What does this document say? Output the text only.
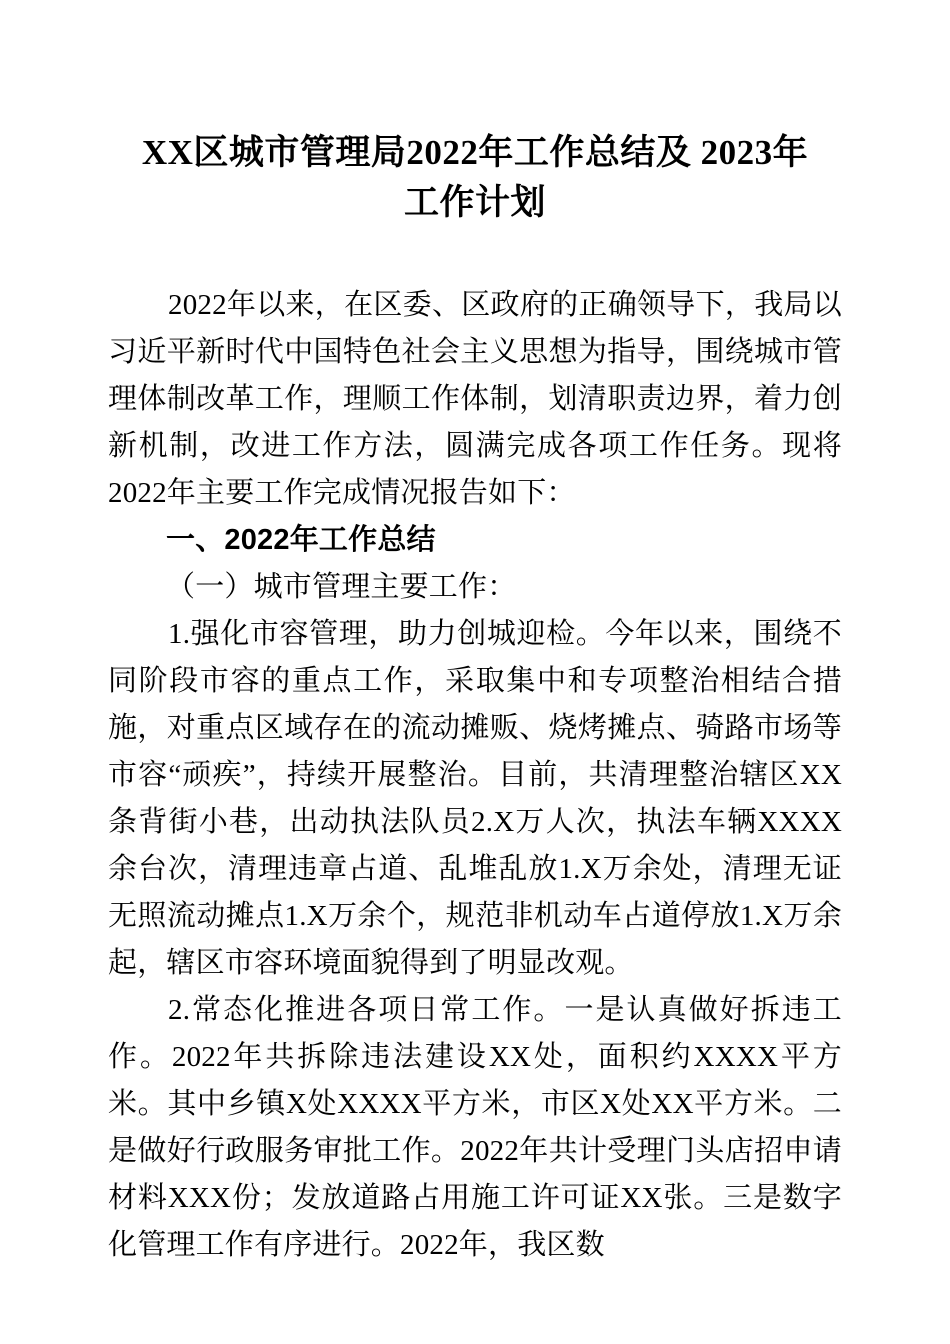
XX区城市管理局2022年工作总结及 2023年
工作计划

2022年以来，在区委、区政府的正确领导下，我局以习近平新时代中国特色社会主义思想为指导，围绕城市管理体制改革工作，理顺工作体制，划清职责边界，着力创新机制，改进工作方法，圆满完成各项工作任务。现将2022年主要工作完成情况报告如下：

一、2022年工作总结
（一）城市管理主要工作：

1.强化市容管理，助力创城迎检。今年以来，围绕不同阶段市容的重点工作，采取集中和专项整治相结合措施，对重点区域存在的流动摊贩、烧烤摊点、骑路市场等市容“顽疾”，持续开展整治。目前，共清理整治辖区XX条背街小巷，出动执法队员2.X万人次，执法车辆XXXX余台次，清理违章占道、乱堆乱放1.X万余处，清理无证无照流动摊点1.X万余个，规范非机动车占道停放1.X万余起，辖区市容环境面貌得到了明显改观。

2.常态化推进各项日常工作。一是认真做好拆违工作。2022年共拆除违法建设XX处，面积约XXXX平方米。其中乡镇X处XXXX平方米，市区X处XX平方米。二是做好行政服务审批工作。2022年共计受理门头店招申请材料XXX份；发放道路占用施工许可证XX张。三是数字化管理工作有序进行。2022年，我区数
